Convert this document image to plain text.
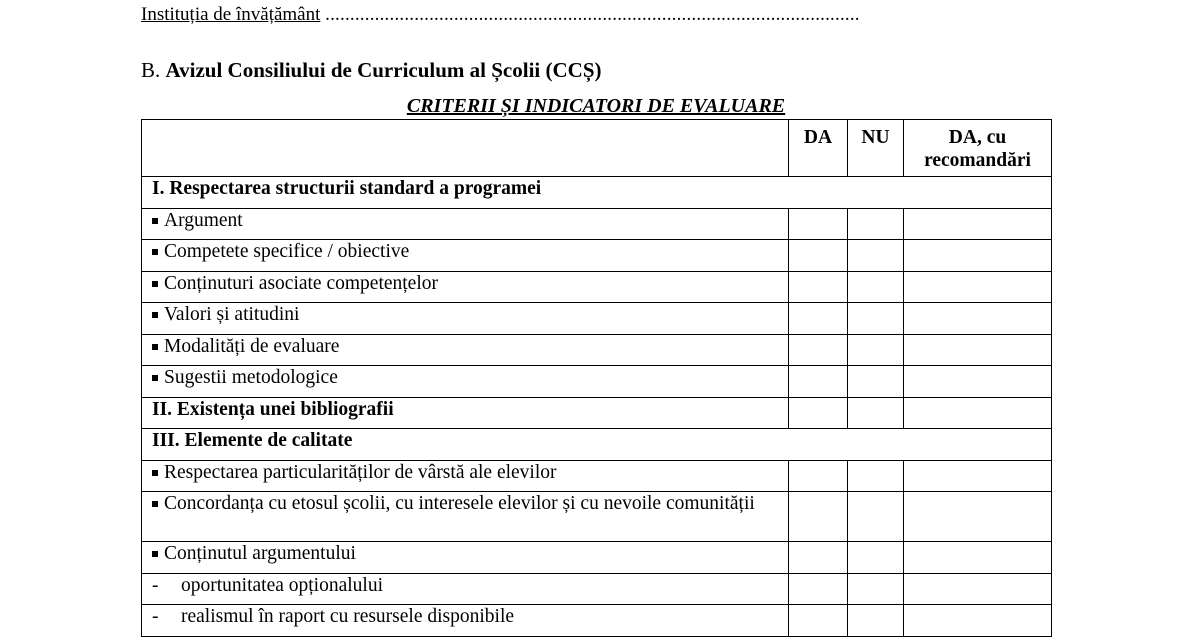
Instituția de învățământ ............................................................................................................
B. Avizul Consiliului de Curriculum al Școlii (CCȘ)
CRITERII ȘI INDICATORI DE EVALUARE
	DA	NU	DA, cu recomandări
I. Respectarea structurii standard a programei			

Argument			

Competete specifice / obiective			

Conținuturi asociate competențelor			

Valori și atitudini			

Modalități de evaluare			

Sugestii metodologice			

II. Existența unei bibliografii			
III. Elemente de calitate			

Respectarea particularităților de vârstă ale elevilor			

Concordanța cu etosul școlii, cu interesele elevilor și cu nevoile comunității			

Conținutul argumentului			

- oportunitatea opționalului			
- realismul în raport cu resursele disponibile			
